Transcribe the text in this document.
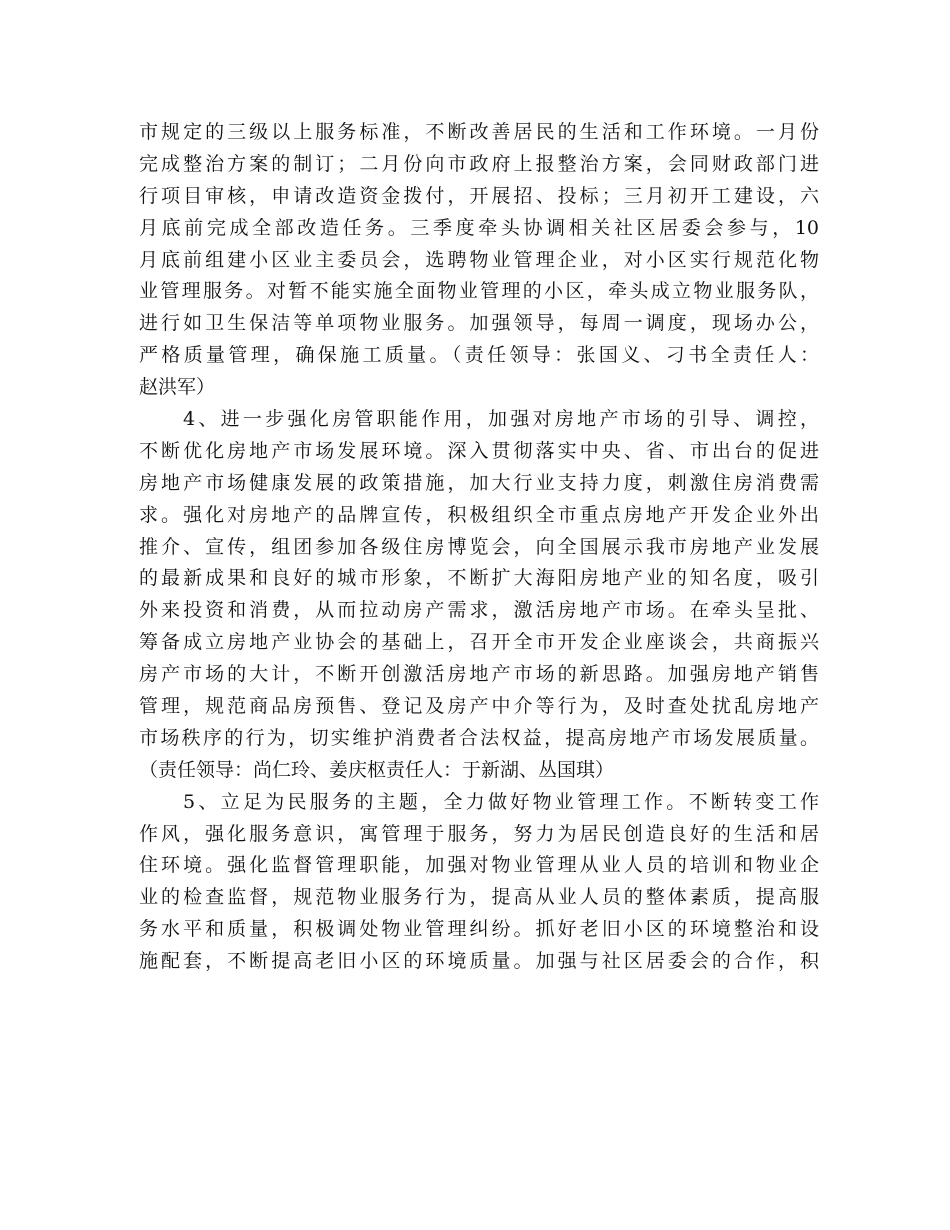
市规定的三级以上服务标准，不断改善居民的生活和工作环境。一月份
完成整治方案的制订；二月份向市政府上报整治方案，会同财政部门进
行项目审核，申请改造资金拨付，开展招、投标；三月初开工建设，六
月底前完成全部改造任务。三季度牵头协调相关社区居委会参与，10
月底前组建小区业主委员会，选聘物业管理企业，对小区实行规范化物
业管理服务。对暂不能实施全面物业管理的小区，牵头成立物业服务队，
进行如卫生保洁等单项物业服务。加强领导，每周一调度，现场办公，
严格质量管理，确保施工质量。（责任领导：张国义、刁书全责任人：
赵洪军）
4、进一步强化房管职能作用，加强对房地产市场的引导、调控，
不断优化房地产市场发展环境。深入贯彻落实中央、省、市出台的促进
房地产市场健康发展的政策措施，加大行业支持力度，刺激住房消费需
求。强化对房地产的品牌宣传，积极组织全市重点房地产开发企业外出
推介、宣传，组团参加各级住房博览会，向全国展示我市房地产业发展
的最新成果和良好的城市形象，不断扩大海阳房地产业的知名度，吸引
外来投资和消费，从而拉动房产需求，激活房地产市场。在牵头呈批、
筹备成立房地产业协会的基础上，召开全市开发企业座谈会，共商振兴
房产市场的大计，不断开创激活房地产市场的新思路。加强房地产销售
管理，规范商品房预售、登记及房产中介等行为，及时查处扰乱房地产
市场秩序的行为，切实维护消费者合法权益，提高房地产市场发展质量。
（责任领导：尚仁玲、姜庆枢责任人：于新湖、丛国琪）
5、立足为民服务的主题，全力做好物业管理工作。不断转变工作
作风，强化服务意识，寓管理于服务，努力为居民创造良好的生活和居
住环境。强化监督管理职能，加强对物业管理从业人员的培训和物业企
业的检查监督，规范物业服务行为，提高从业人员的整体素质，提高服
务水平和质量，积极调处物业管理纠纷。抓好老旧小区的环境整治和设
施配套，不断提高老旧小区的环境质量。加强与社区居委会的合作，积
